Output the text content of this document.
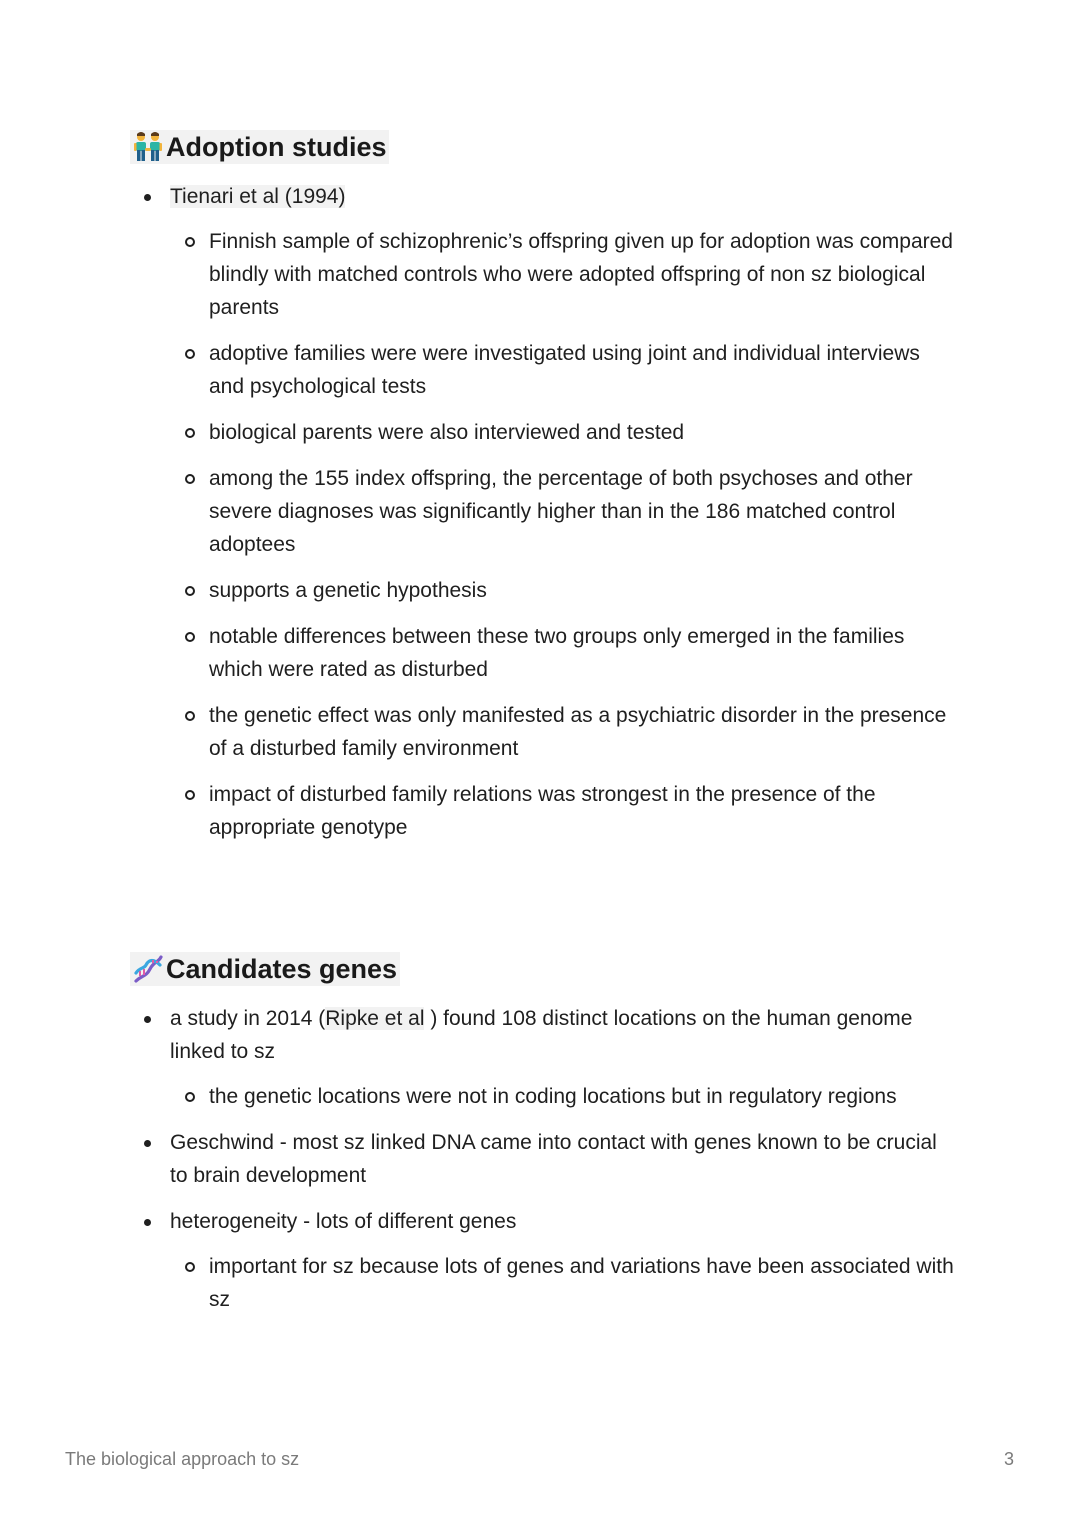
Adoption studies
Tienari et al (1994)
Finnish sample of schizophrenic’s offspring given up for adoption was compared blindly with matched controls who were adopted offspring of non sz biological parents
adoptive families were were investigated using joint and individual interviews and psychological tests
biological parents were also interviewed and tested
among the 155 index offspring, the percentage of both psychoses and other severe diagnoses was significantly higher than in the 186 matched control adoptees
supports a genetic hypothesis
notable differences between these two groups only emerged in the families which were rated as disturbed
the genetic effect was only manifested as a psychiatric disorder in the presence of a disturbed family environment
impact of disturbed family relations was strongest in the presence of the appropriate genotype
Candidates genes
a study in 2014 (Ripke et al ) found 108 distinct locations on the human genome linked to sz
the genetic locations were not in coding locations but in regulatory regions
Geschwind - most sz linked DNA came into contact with genes known to be crucial to brain development
heterogeneity - lots of different genes
important for sz because lots of genes and variations have been associated with sz
The biological approach to sz	3
